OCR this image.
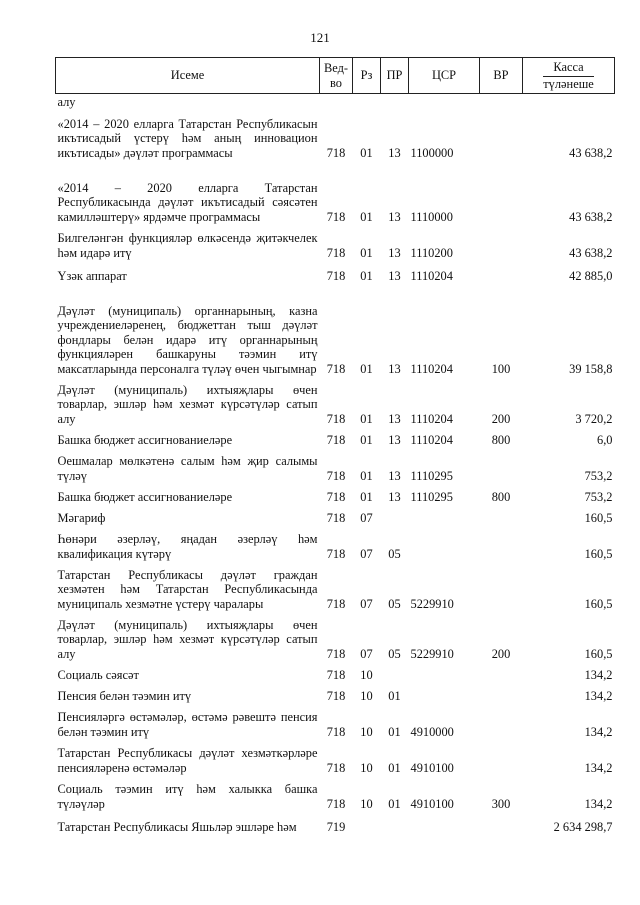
121
Исеме	Вед-во	Рз	ПР	ЦСР	ВР	Касса
түләнеше
алу						

«2014 – 2020 елларга Татарстан Республикасын икътисадый үстерү һәм аның инновацион икътисады» дәүләт программасы	718	01	13	1100000		43 638,2

«2014 – 2020 елларга Татарстан Республикасында дәүләт икътисадый сәясәтен камилләштерү» ярдәмче программасы	718	01	13	1110000		43 638,2

Билгеләнгән функцияләр өлкәсендә җитәкчелек һәм идарә итү	718	01	13	1110200		43 638,2

Үзәк аппарат	718	01	13	1110204		42 885,0

Дәүләт (муниципаль) органнарының, казна учреждениеләренең, бюджеттан тыш дәүләт фондлары белән идарә итү органнарының функцияләрен башкаруны тәэмин итү максатларында персоналга түләү өчен чыгымнар	718	01	13	1110204	100	39 158,8

Дәүләт (муниципаль) ихтыяҗлары өчен товарлар, эшләр һәм хезмәт күрсәтүләр сатып алу	718	01	13	1110204	200	3 720,2

Башка бюджет ассигнованиеләре	718	01	13	1110204	800	6,0

Оешмалар мөлкәтенә салым һәм җир салымы түләү	718	01	13	1110295		753,2

Башка бюджет ассигнованиеләре	718	01	13	1110295	800	753,2

Мәгариф	718	07				160,5

Һөнәри әзерләү, яңадан әзерләү һәм квалификация күтәрү	718	07	05			160,5

Татарстан Республикасы дәүләт граждан хезмәтен һәм Татарстан Республикасында муниципаль хезмәтне үстерү чаралары	718	07	05	5229910		160,5

Дәүләт (муниципаль) ихтыяҗлары өчен товарлар, эшләр һәм хезмәт күрсәтүләр сатып алу	718	07	05	5229910	200	160,5

Социаль сәясәт	718	10				134,2

Пенсия белән тәэмин итү	718	10	01			134,2

Пенсияләргә өстәмәләр, өстәмә рәвештә пенсия белән тәэмин итү	718	10	01	4910000		134,2

Татарстан Республикасы дәүләт хезмәткәрләре пенсияләренә өстәмәләр	718	10	01	4910100		134,2

Социаль тәэмин итү һәм халыкка башка түләүләр	718	10	01	4910100	300	134,2

Татарстан Республикасы Яшьләр эшләре һәм	719					2 634 298,7
